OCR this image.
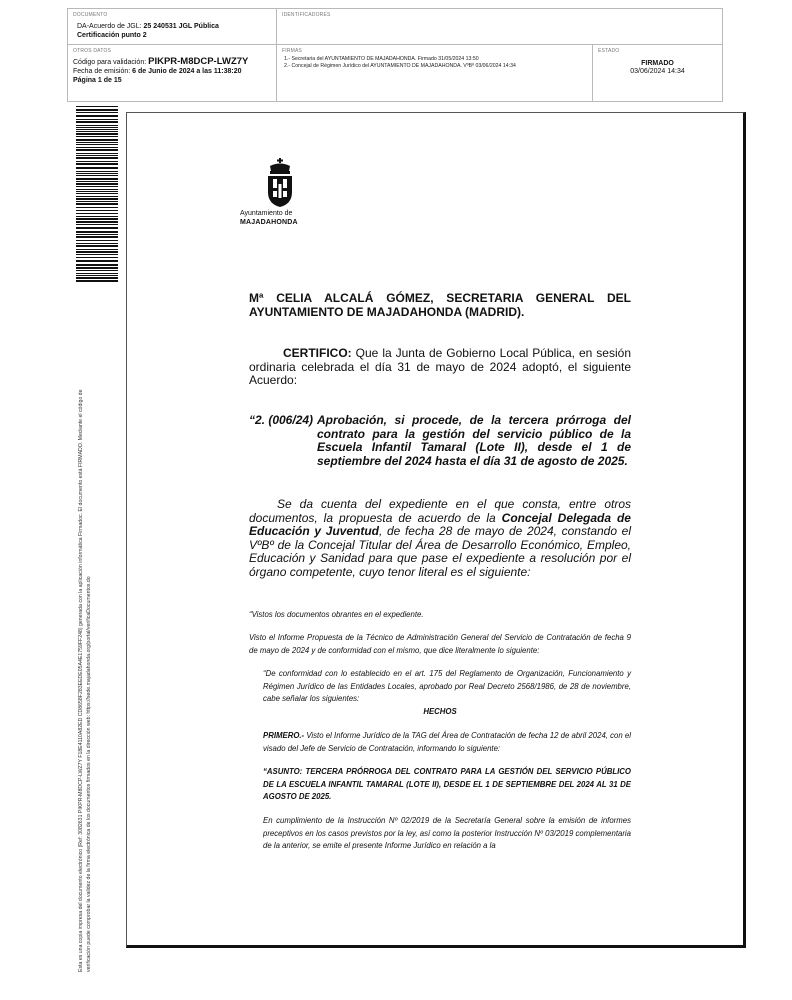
DOCUMENTO
DA-Acuerdo de JGL: 25 240531 JGL Pública
Certificación punto 2
IDENTIFICADORES
OTROS DATOS
Código para validación: PIKPR-M8DCP-LWZ7Y
Fecha de emisión: 6 de Junio de 2024 a las 11:38:20
Página 1 de 15
FIRMAS
1.- Secretaria del AYUNTAMIENTO DE MAJADAHONDA. Firmado 31/05/2024 13:50
2.- Concejal de Régimen Jurídico del AYUNTAMIENTO DE MAJADAHONDA. VºBº 03/06/2024 14:34
ESTADO
FIRMADO
03/06/2024 14:34
Esta es una copia impresa del documento electrónico (Ref: 3082631 PIKPR-M8DCP-LWZ7Y F18E4110A82ED CD8658F283EEDE05A4E1759FF248) generada con la aplicación informática Firmadoc. El documento está FIRMADO. Mediante el código de verificación puede comprobar la validez de la firma electrónica de los documentos firmados en la dirección web: https://sede.majadahonda.org/portal/verificaDocumentos.do
Ayuntamiento de
MAJADAHONDA
Mª CELIA ALCALÁ GÓMEZ, SECRETARIA GENERAL DEL
AYUNTAMIENTO DE MAJADAHONDA (MADRID).
CERTIFICO: Que la Junta de Gobierno Local Pública, en sesión ordinaria celebrada el día 31 de mayo de 2024 adoptó, el siguiente Acuerdo:
“2. (006/24) Aprobación, si procede, de la tercera prórroga del contrato para la gestión del servicio público de la Escuela Infantil Tamaral (Lote II), desde el 1 de septiembre del 2024 hasta el día 31 de agosto de 2025.
Se da cuenta del expediente en el que consta, entre otros documentos, la propuesta de acuerdo de la Concejal Delegada de Educación y Juventud, de fecha 28 de mayo de 2024, constando el VºBº de la Concejal Titular del Área de Desarrollo Económico, Empleo, Educación y Sanidad para que pase el expediente a resolución por el órgano competente, cuyo tenor literal es el siguiente:
“Vistos los documentos obrantes en el expediente.
Visto el Informe Propuesta de la Técnico de Administración General del Servicio de Contratación de fecha 9 de mayo de 2024 y de conformidad con el mismo, que dice literalmente lo siguiente:
“De conformidad con lo establecido en el art. 175 del Reglamento de Organización, Funcionamiento y Régimen Jurídico de las Entidades Locales, aprobado por Real Decreto 2568/1986, de 28 de noviembre, cabe señalar los siguientes:
HECHOS
PRIMERO.- Visto el Informe Jurídico de la TAG del Área de Contratación de fecha 12 de abril 2024, con el visado del Jefe de Servicio de Contratación, informando lo siguiente:
“ASUNTO: TERCERA PRÓRROGA DEL CONTRATO PARA LA GESTIÓN DEL SERVICIO PÚBLICO DE LA ESCUELA INFANTIL TAMARAL (LOTE II), DESDE EL 1 DE SEPTIEMBRE DEL 2024 AL 31 DE AGOSTO DE 2025.
En cumplimiento de la Instrucción Nº 02/2019 de la Secretaría General sobre la emisión de informes preceptivos en los casos previstos por la ley, así como la posterior Instrucción Nº 03/2019 complementaria de la anterior, se emite el presente Informe Jurídico en relación a la
